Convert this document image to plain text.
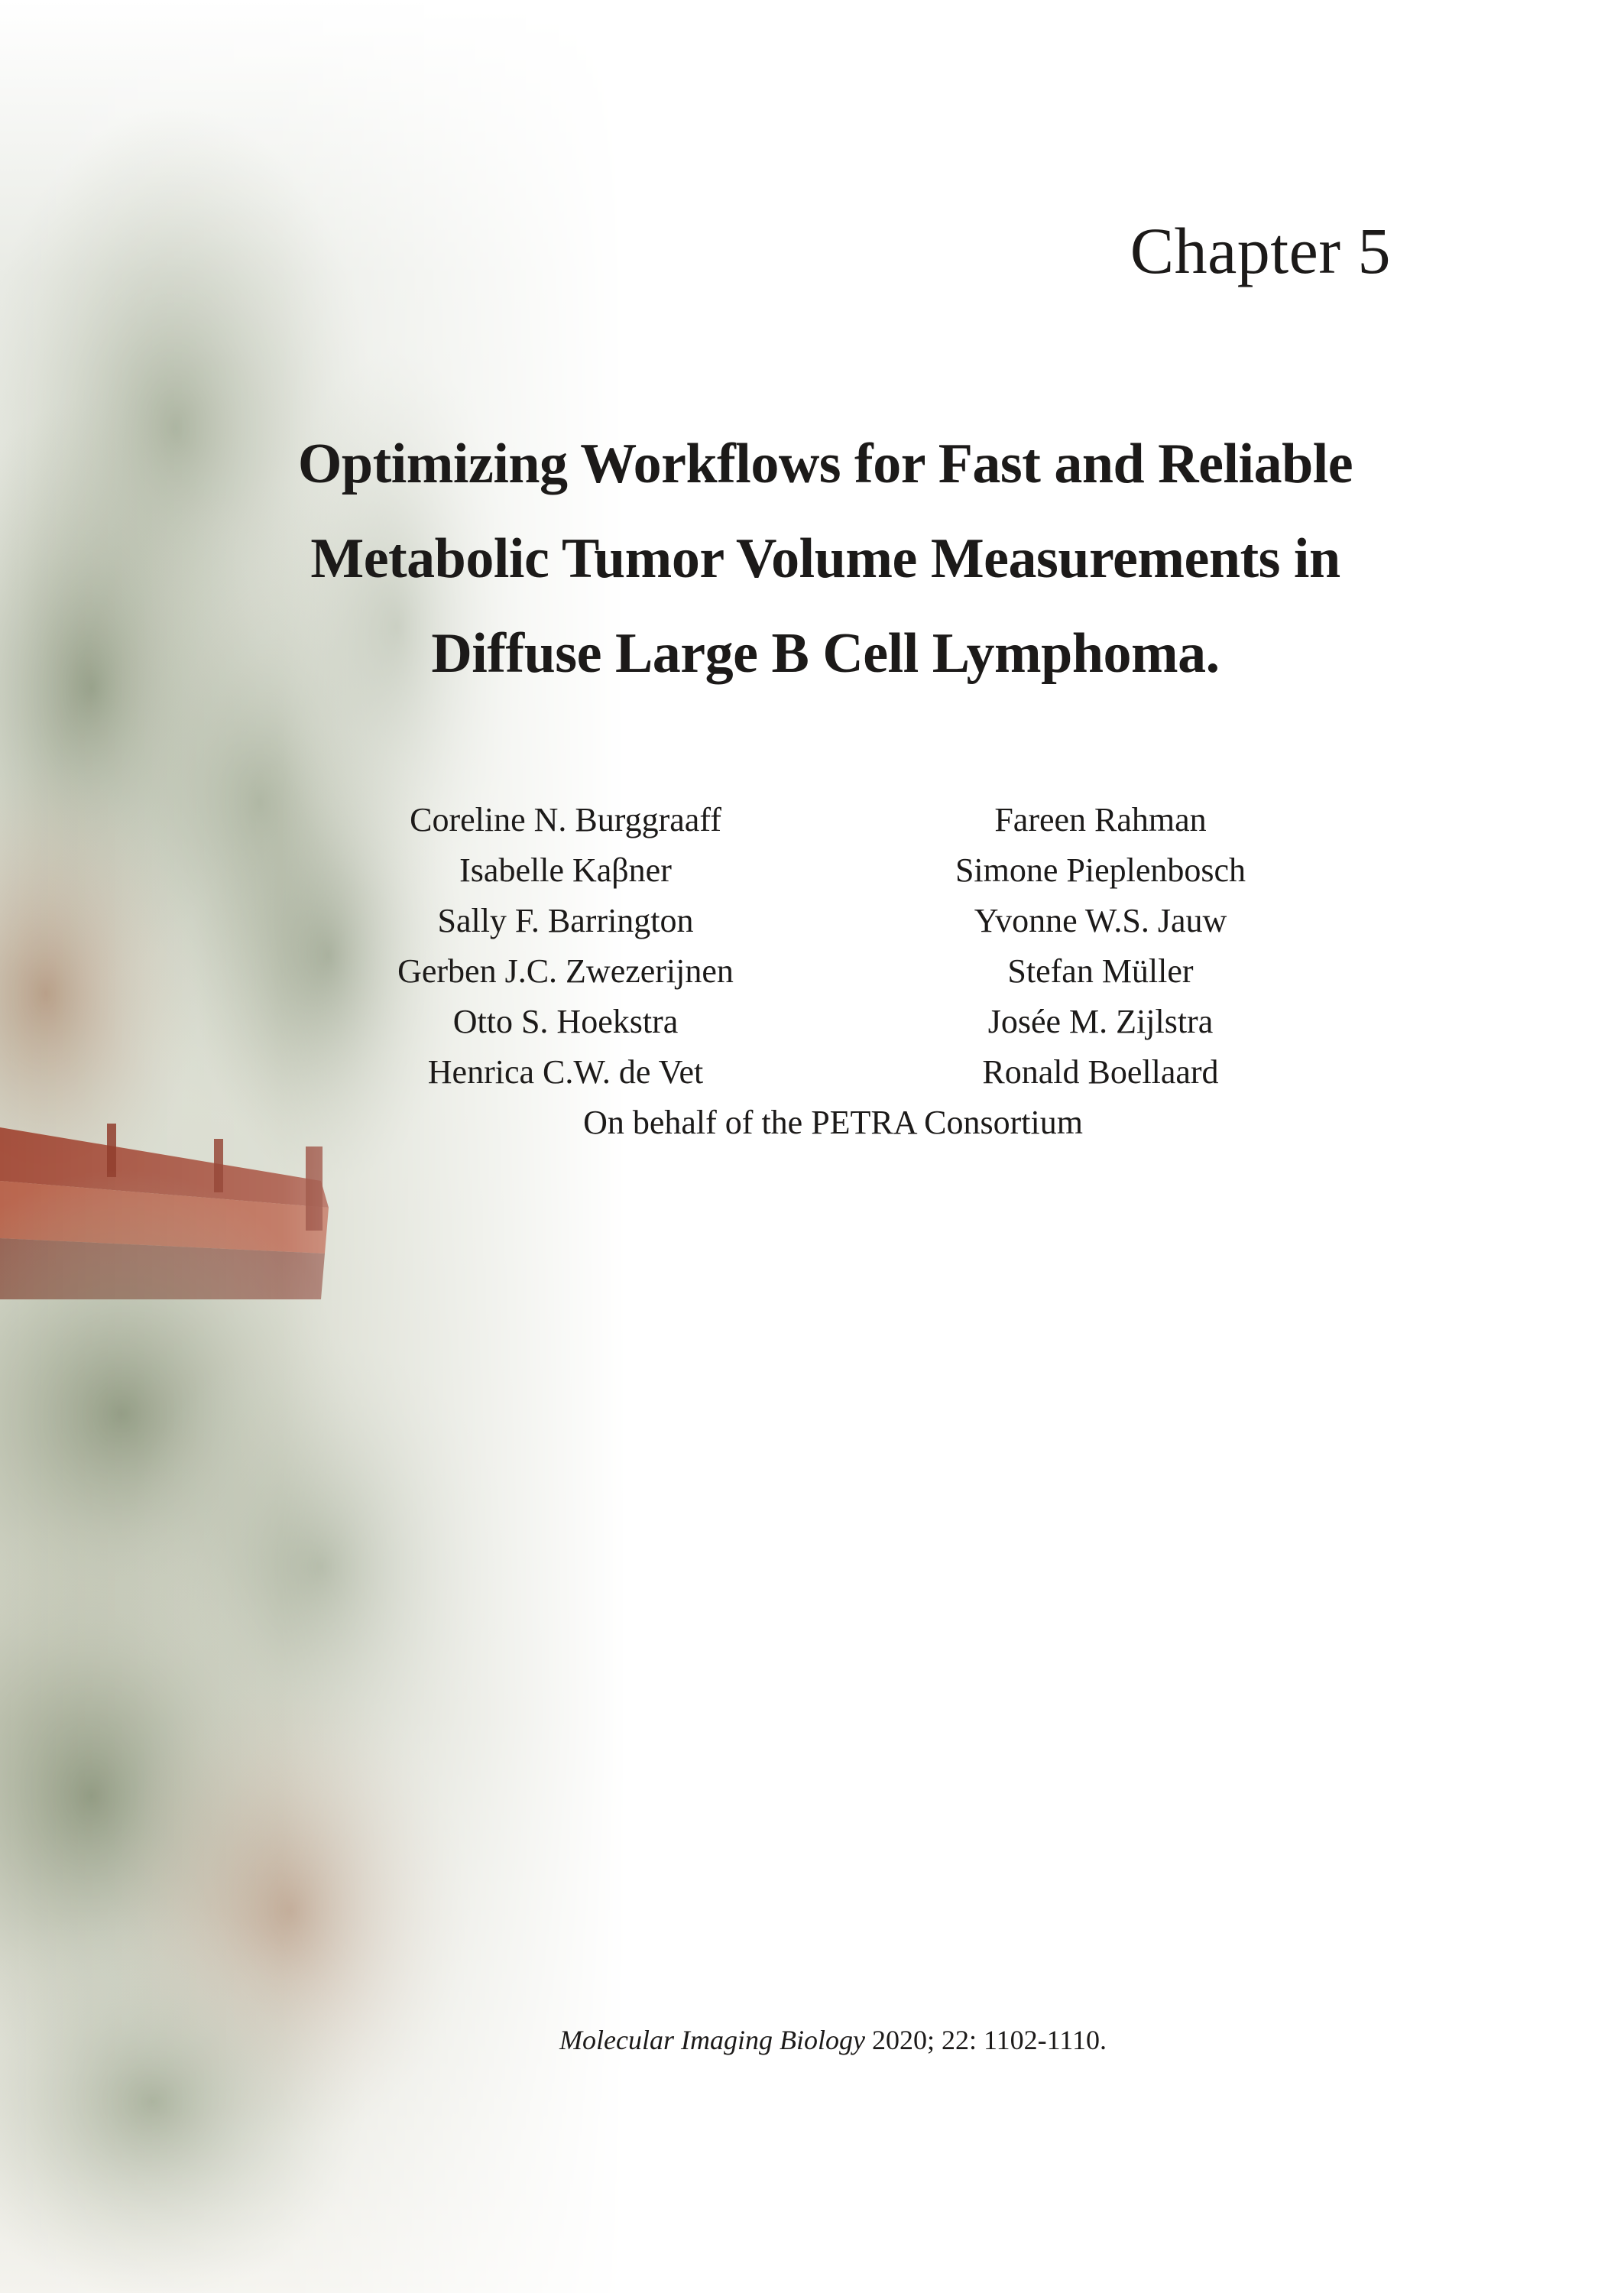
Chapter 5
Optimizing Workflows for Fast and Reliable
Metabolic Tumor Volume Measurements in
Diffuse Large B Cell Lymphoma.
Coreline N. Burggraaff	Fareen Rahman
Isabelle Kaβner	Simone Pieplenbosch
Sally F. Barrington	Yvonne W.S. Jauw
Gerben J.C. Zwezerijnen	Stefan Müller
Otto S. Hoekstra	Josée M. Zijlstra
Henrica C.W. de Vet	Ronald Boellaard
On behalf of the PETRA Consortium
Molecular Imaging Biology 2020; 22: 1102-1110.
